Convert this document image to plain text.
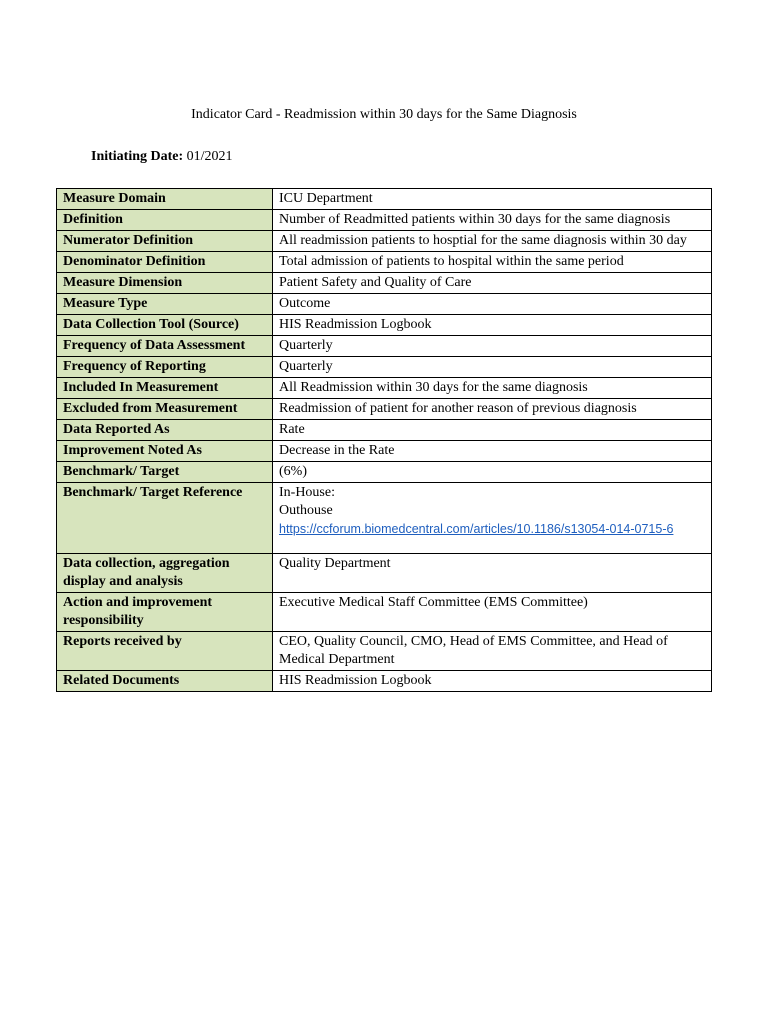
Indicator Card - Readmission within 30 days for the Same Diagnosis
Initiating Date: 01/2021
Measure Domain	ICU Department
Definition	Number of Readmitted patients within 30 days for the same diagnosis
Numerator Definition	All readmission patients to hosptial for the same diagnosis within 30 day
Denominator Definition	Total admission of patients to hospital within the same period
Measure Dimension	Patient Safety and Quality of Care
Measure Type	Outcome
Data Collection Tool (Source)	HIS Readmission Logbook
Frequency of Data Assessment	Quarterly
Frequency of Reporting	Quarterly
Included In Measurement	All Readmission within 30 days for the same diagnosis
Excluded from Measurement	Readmission of patient for another reason of previous diagnosis
Data Reported As	Rate
Improvement Noted As	Decrease in the Rate
Benchmark/ Target	(6%)
Benchmark/ Target Reference	In-House:
Outhouse
https://ccforum.biomedcentral.com/articles/10.1186/s13054-014-0715-6

Data collection, aggregation display and analysis	Quality Department
Action and improvement responsibility	Executive Medical Staff Committee (EMS Committee)
Reports received by	CEO, Quality Council, CMO, Head of EMS Committee, and Head of Medical Department
Related Documents	HIS Readmission Logbook
